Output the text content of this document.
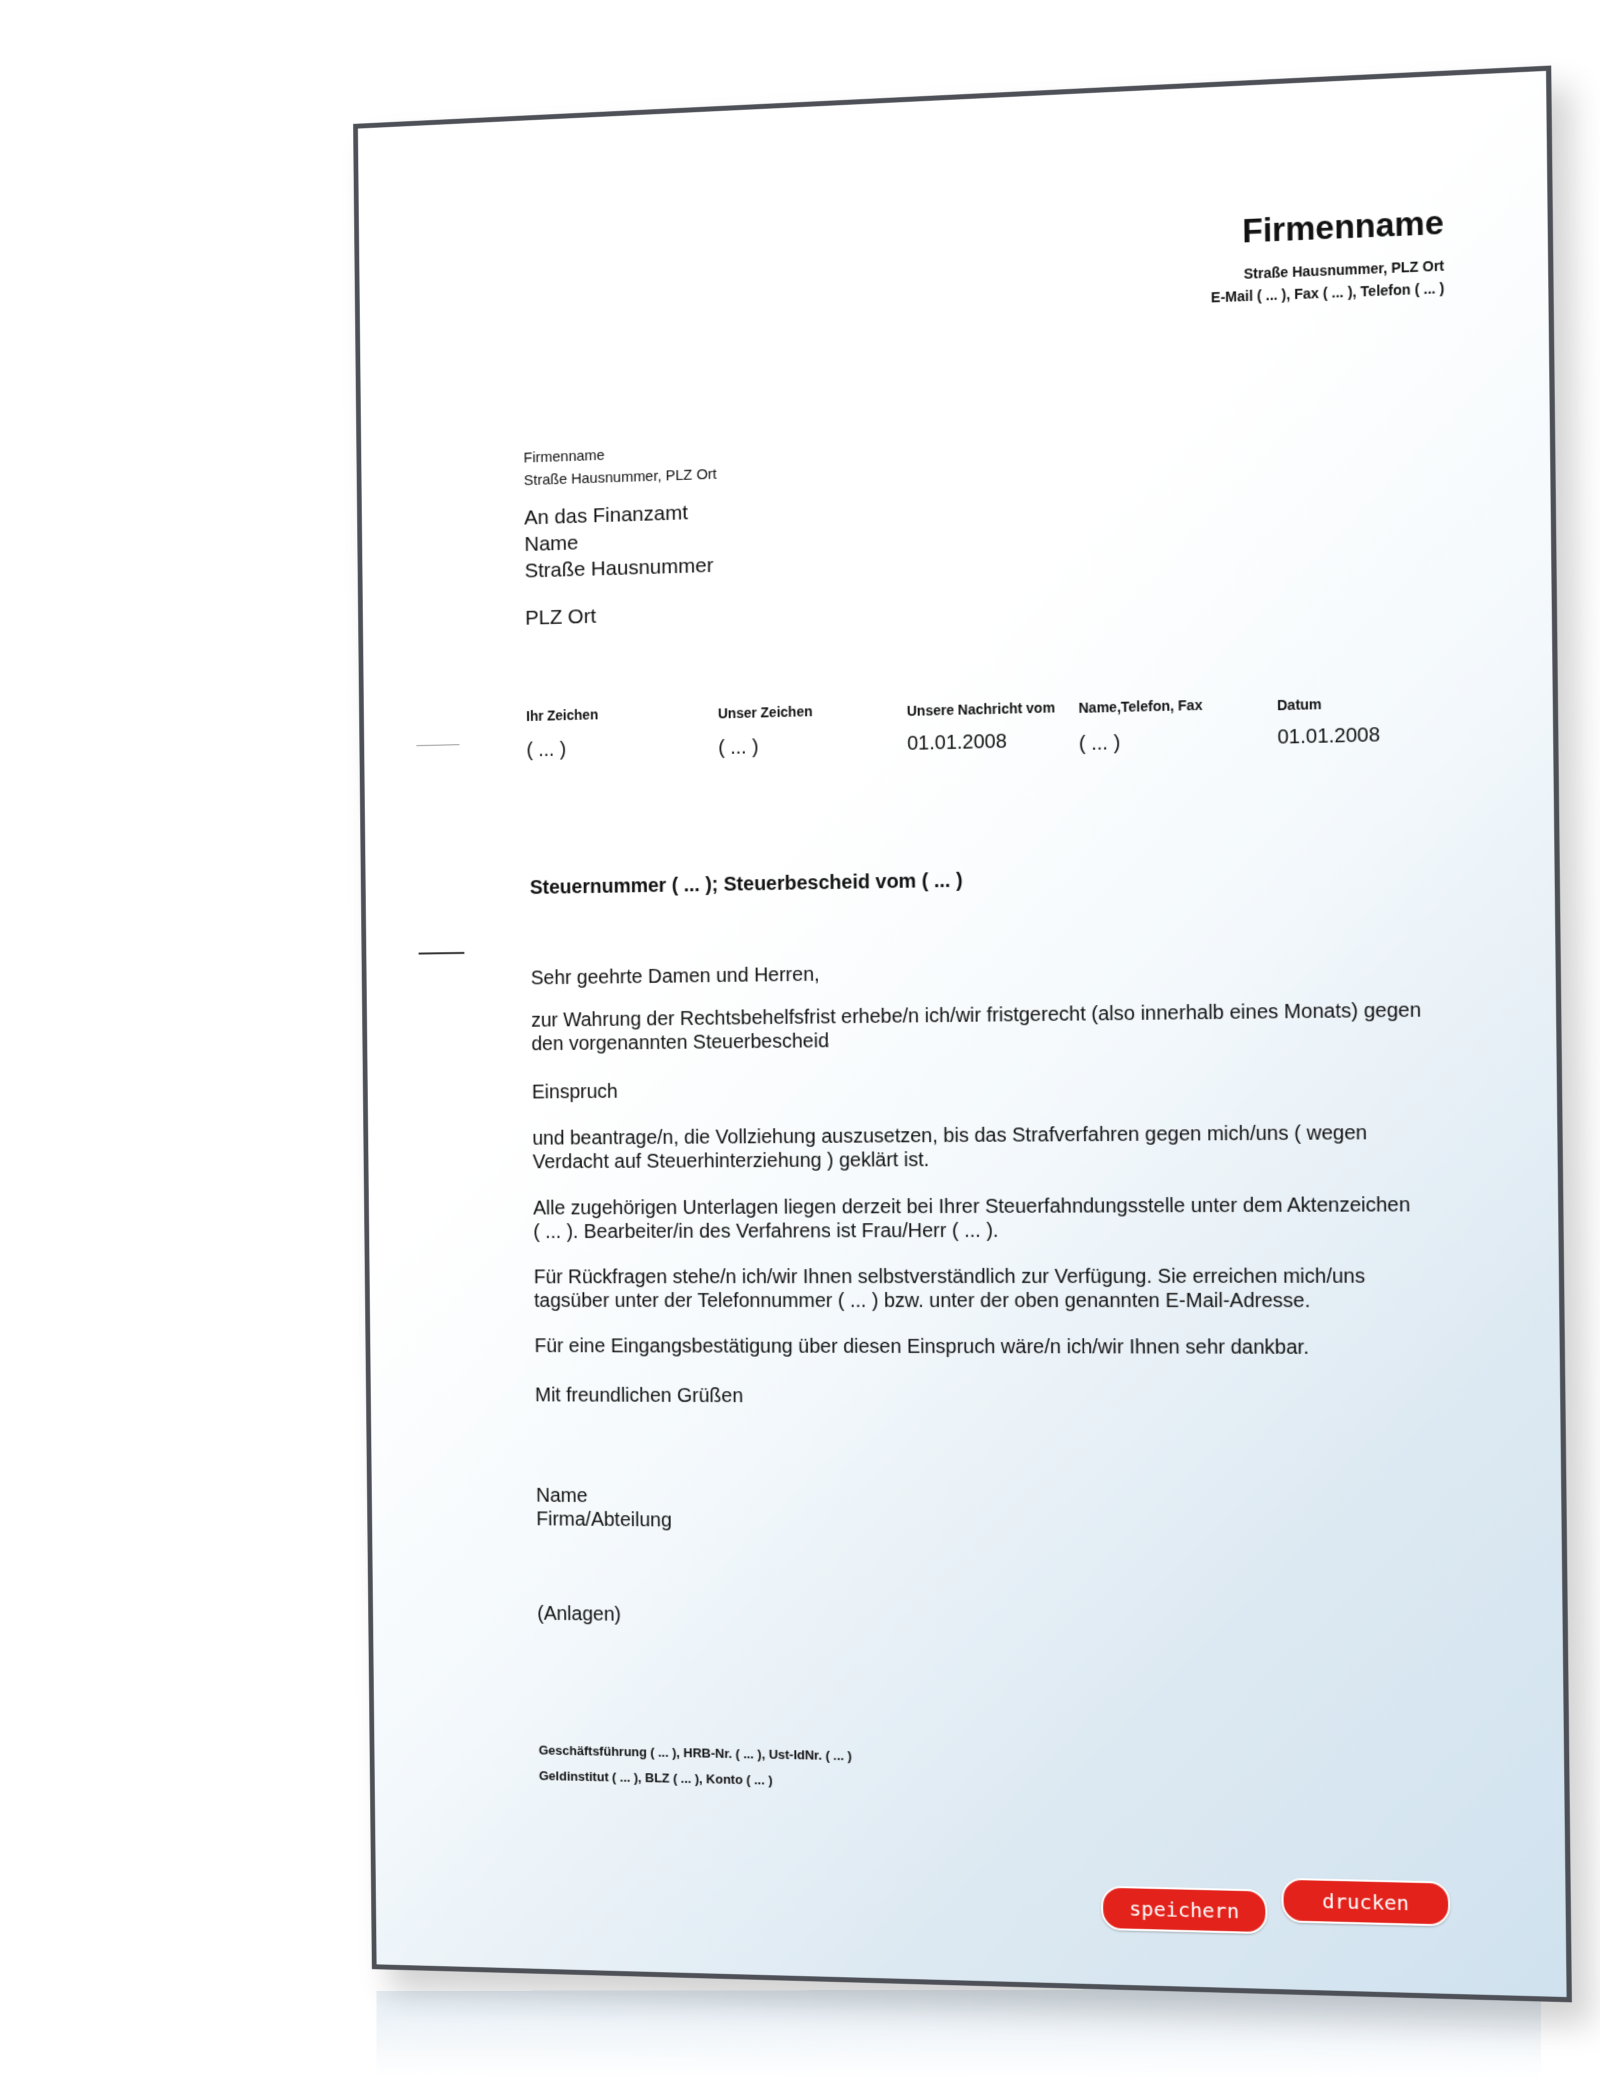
Firmenname
Straße Hausnummer, PLZ Ort
E-Mail ( ... ), Fax ( ... ), Telefon ( ... )
Firmenname
Straße Hausnummer, PLZ Ort
An das Finanzamt
Name
Straße Hausnummer
PLZ Ort
Ihr Zeichen
( ... )
Unser Zeichen
( ... )
Unsere Nachricht vom
01.01.2008
Name,Telefon, Fax
( ... )
Datum
01.01.2008
Steuernummer ( ... ); Steuerbescheid vom ( ... )
Sehr geehrte Damen und Herren,
zur Wahrung der Rechtsbehelfsfrist erhebe/n ich/wir fristgerecht (also innerhalb eines Monats) gegen
den vorgenannten Steuerbescheid
Einspruch
und beantrage/n, die Vollziehung auszusetzen, bis das Strafverfahren gegen mich/uns ( wegen
Verdacht auf Steuerhinterziehung ) geklärt ist.
Alle zugehörigen Unterlagen liegen derzeit bei Ihrer Steuerfahndungsstelle unter dem Aktenzeichen
( ... ). Bearbeiter/in des Verfahrens ist Frau/Herr ( ... ).
Für Rückfragen stehe/n ich/wir Ihnen selbstverständlich zur Verfügung. Sie erreichen mich/uns
tagsüber unter der Telefonnummer ( ... ) bzw. unter der oben genannten E-Mail-Adresse.
Für eine Eingangsbestätigung über diesen Einspruch wäre/n ich/wir Ihnen sehr dankbar.
Mit freundlichen Grüßen
Name
Firma/Abteilung
(Anlagen)
Geschäftsführung ( ... ), HRB-Nr. ( ... ), Ust-IdNr. ( ... )
Geldinstitut ( ... ), BLZ ( ... ), Konto ( ... )
speichern	drucken
